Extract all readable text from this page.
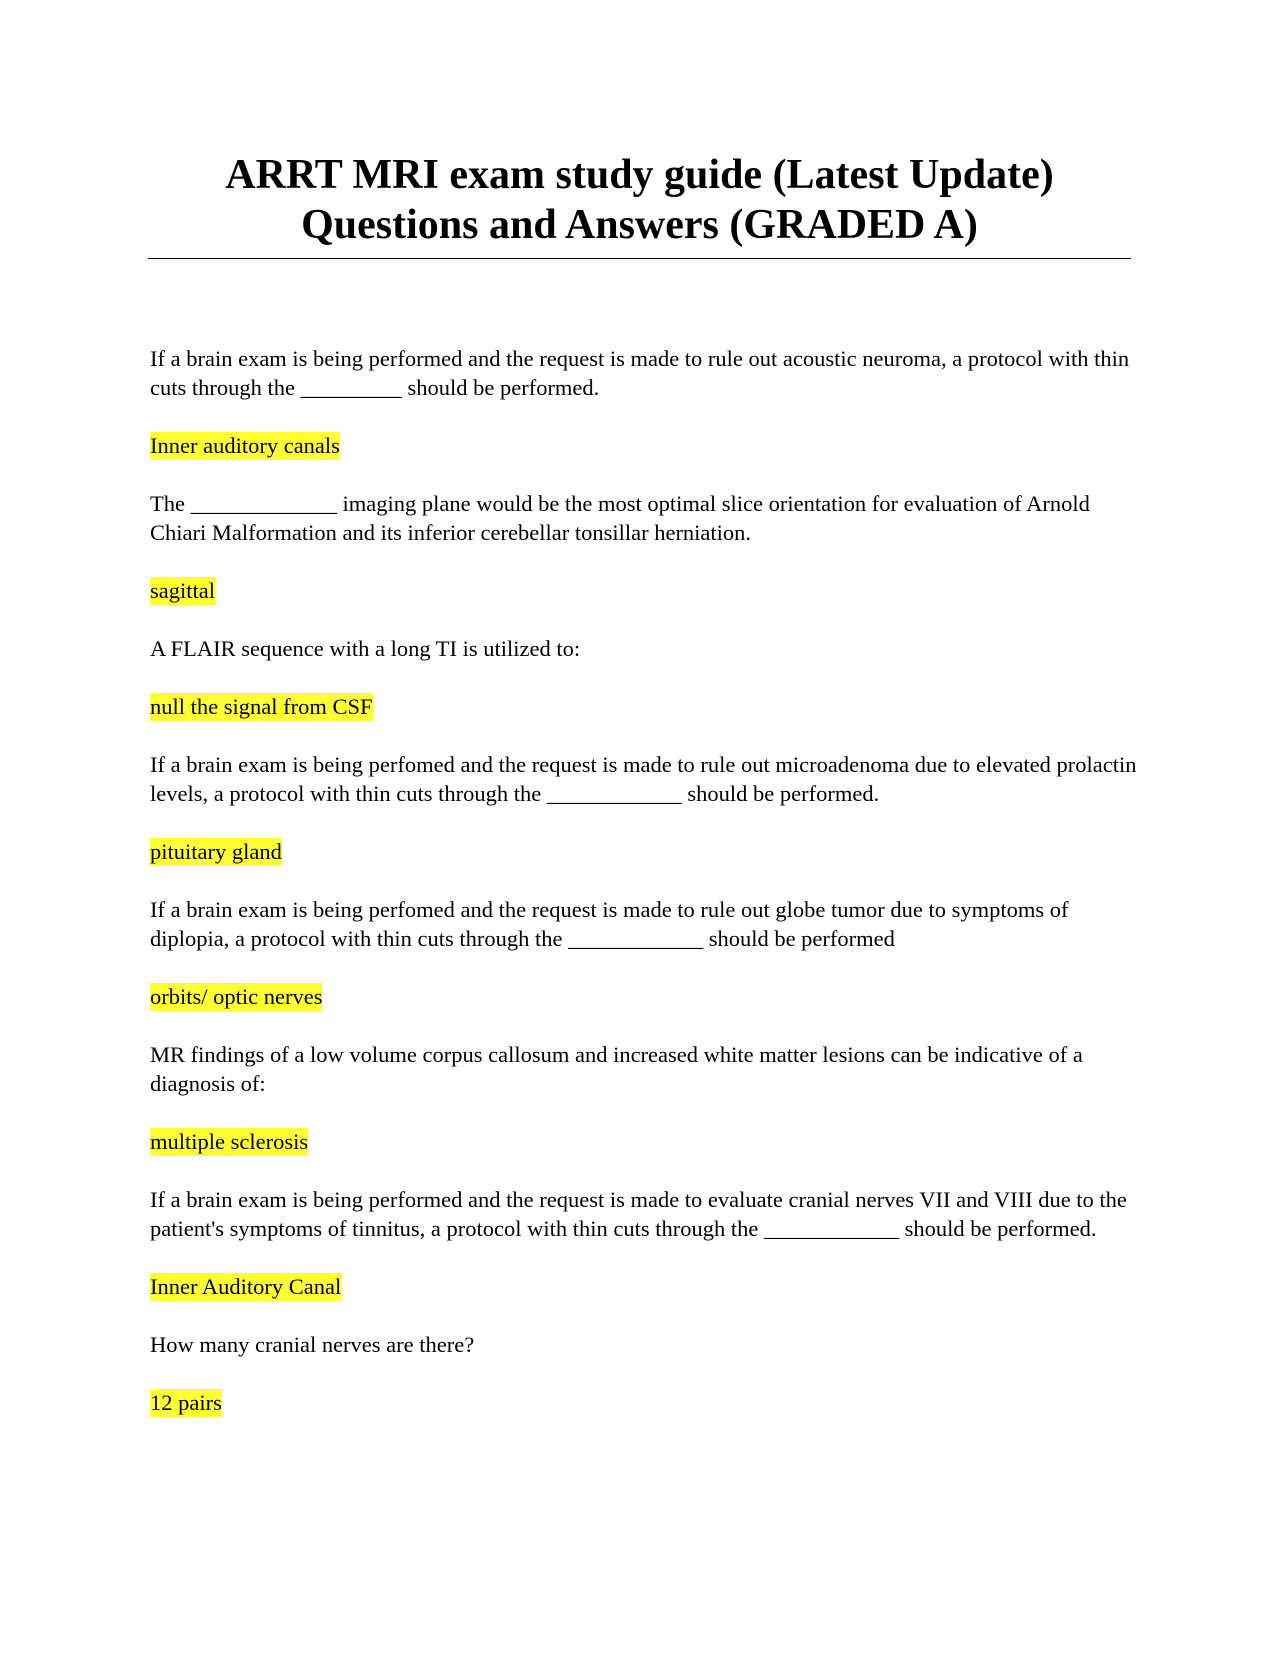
ARRT MRI exam study guide (Latest Update)
Questions and Answers (GRADED A)

If a brain exam is being performed and the request is made to rule out acoustic neuroma, a protocol with thin cuts through the _________ should be performed.

Inner auditory canals

The _____________ imaging plane would be the most optimal slice orientation for evaluation of Arnold Chiari Malformation and its inferior cerebellar tonsillar herniation.

sagittal

A FLAIR sequence with a long TI is utilized to:

null the signal from CSF

If a brain exam is being perfomed and the request is made to rule out microadenoma due to elevated prolactin levels, a protocol with thin cuts through the ____________ should be performed.

pituitary gland

If a brain exam is being perfomed and the request is made to rule out globe tumor due to symptoms of diplopia, a protocol with thin cuts through the ____________ should be performed

orbits/ optic nerves

MR findings of a low volume corpus callosum and increased white matter lesions can be indicative of a diagnosis of:

multiple sclerosis

If a brain exam is being performed and the request is made to evaluate cranial nerves VII and VIII due to the patient's symptoms of tinnitus, a protocol with thin cuts through the ____________ should be performed.

Inner Auditory Canal

How many cranial nerves are there?

12 pairs
